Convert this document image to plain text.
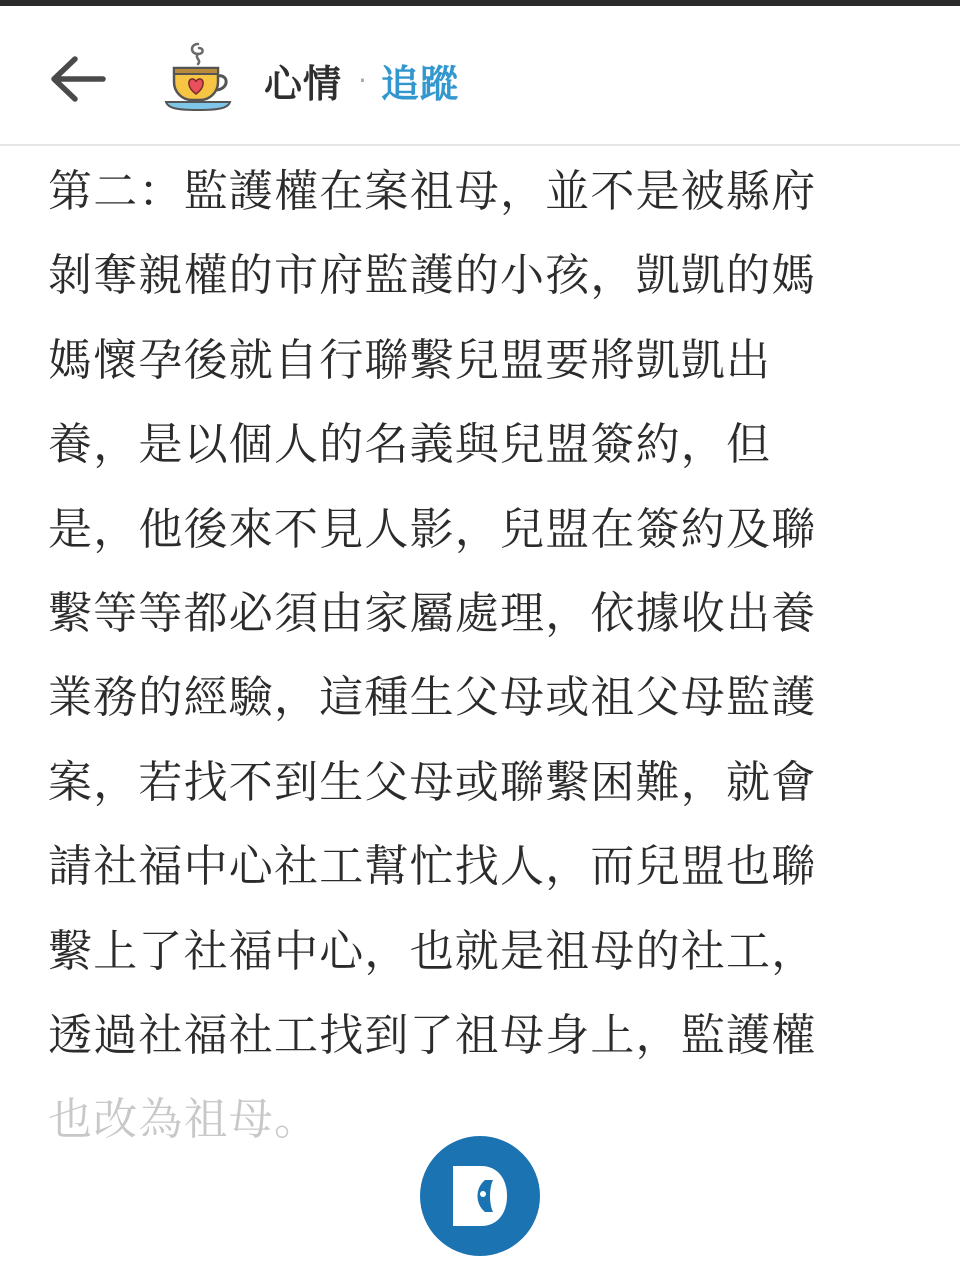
心情 · 追蹤
第二：監護權在案祖母，並不是被縣府
剝奪親權的市府監護的小孩，凱凱的媽
媽懷孕後就自行聯繫兒盟要將凱凱出
養，是以個人的名義與兒盟簽約，但
是，他後來不見人影，兒盟在簽約及聯
繫等等都必須由家屬處理，依據收出養
業務的經驗，這種生父母或祖父母監護
案，若找不到生父母或聯繫困難，就會
請社福中心社工幫忙找人，而兒盟也聯
繫上了社福中心，也就是祖母的社工，
透過社福社工找到了祖母身上，監護權
也改為祖母。
